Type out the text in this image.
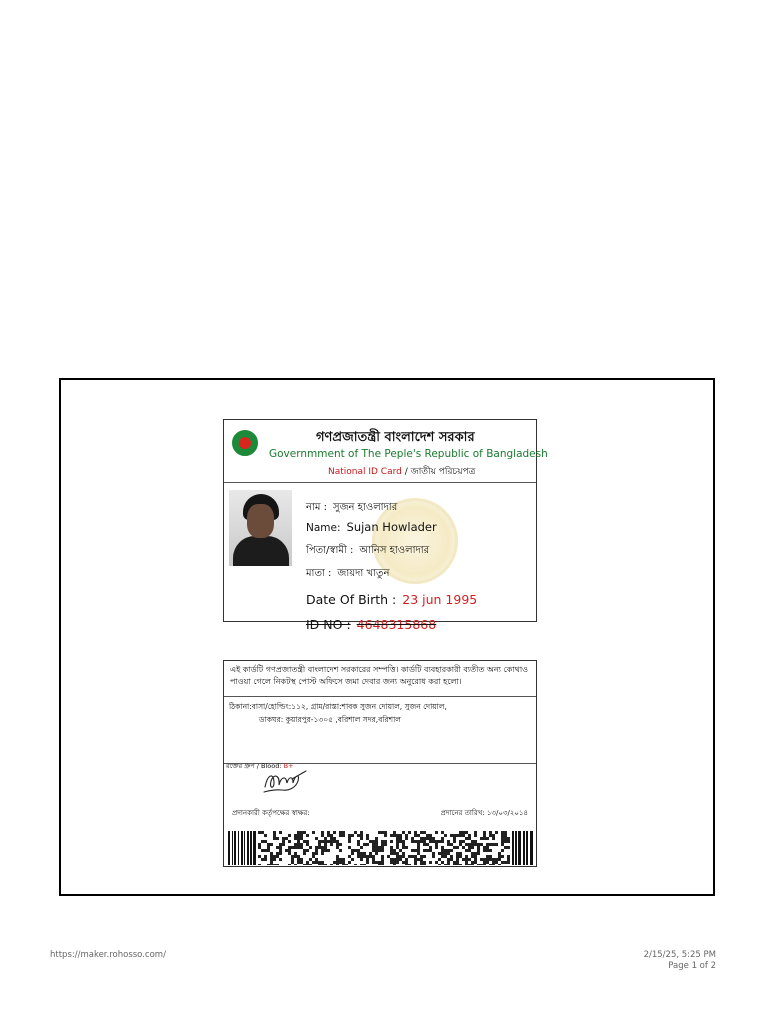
গণপ্রজাতন্ত্রী বাংলাদেশ সরকার
Governmment of The Peple's Republic of Bangladesh
National ID Card / জাতীয় পরিচয়পত্র
নাম : সুজন হাওলাদার
Name: Sujan Howlader
পিতা/স্বামী : আনিস হাওলাদার
মাতা : জায়দা খাতুন
Date Of Birth : 23 jun 1995
ID NO : 4648315868
এই কার্ডটি গণপ্রজাতন্ত্রী বাংলাদেশ সরকারের সম্পত্তি। কার্ডটি ব্যবহারকারী ব্যতীত অন্য কোথাও পাওয়া গেলে নিকটস্থ পোস্ট অফিসে জমা দেবার জন্য অনুরোধ করা হলো।
ঠিকানা:বাসা/হোল্ডিং:১১২, গ্রাম/রাস্তা:শাবক সুজন দোয়াল, সুজন দোয়াল,
ডাকঘর: কুয়ারপুর-১৩০৫ ,বরিশাল সদর,বরিশাল
রক্তের গ্রুপ / Blood: B+
প্রদানকারী কর্তৃপক্ষের স্বাক্ষর:	প্রদানের তারিখ: ১৩/০৩/২০১৪
https://maker.rohosso.com/	2/15/25, 5:25 PM
Page 1 of 2
